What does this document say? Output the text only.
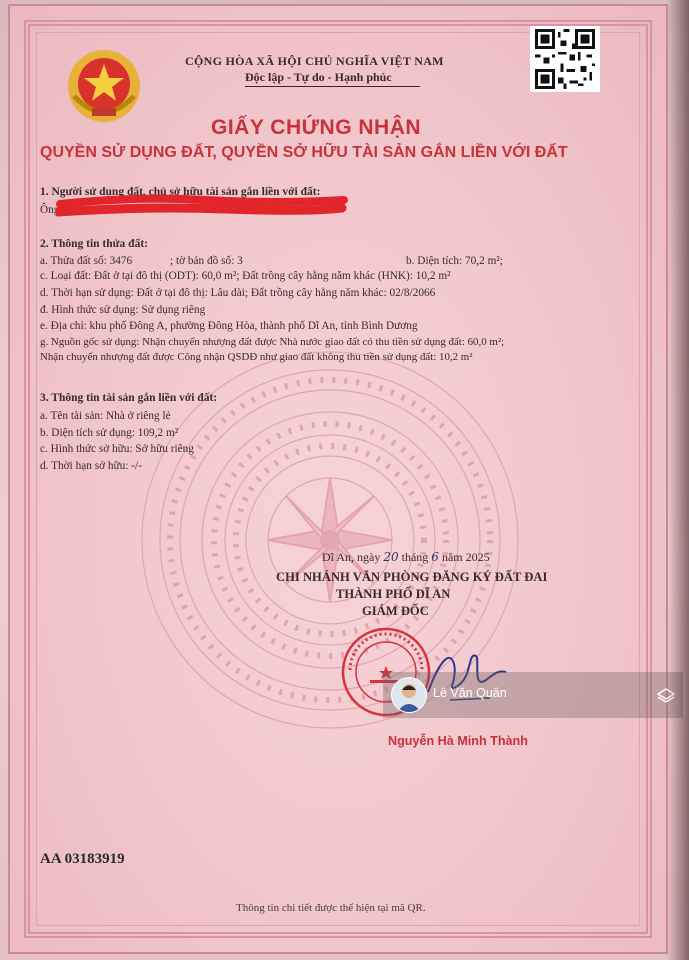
CỘNG HÒA XÃ HỘI CHỦ NGHĨA VIỆT NAM
Độc lập - Tự do - Hạnh phúc
GIẤY CHỨNG NHẬN
QUYỀN SỬ DỤNG ĐẤT, QUYỀN SỞ HỮU TÀI SẢN GẮN LIỀN VỚI ĐẤT
1. Người sử dụng đất, chủ sở hữu tài sản gắn liền với đất:
Ông
2. Thông tin thửa đất:
a. Thửa đất số: 3476	; tờ bản đồ số: 3	b. Diện tích: 70,2 m²;
c. Loại đất: Đất ở tại đô thị (ODT): 60,0 m²; Đất trồng cây hằng năm khác (HNK): 10,2 m²
d. Thời hạn sử dụng: Đất ở tại đô thị: Lâu dài; Đất trồng cây hằng năm khác: 02/8/2066
đ. Hình thức sử dụng: Sử dụng riêng
e. Địa chỉ: khu phố Đông A, phường Đông Hòa, thành phố Dĩ An, tỉnh Bình Dương
g. Nguồn gốc sử dụng: Nhận chuyển nhượng đất được Nhà nước giao đất có thu tiền sử dụng đất: 60,0 m²;
Nhận chuyển nhượng đất được Công nhận QSDĐ như giao đất không thu tiền sử dụng đất: 10,2 m²
3. Thông tin tài sản gắn liền với đất:
a. Tên tài sản: Nhà ở riêng lẻ
b. Diện tích sử dụng: 109,2 m²
c. Hình thức sở hữu: Sở hữu riêng
d. Thời hạn sở hữu: -/-
Dĩ An, ngày 20 tháng 6 năm 2025
CHI NHÁNH VĂN PHÒNG ĐĂNG KÝ ĐẤT ĐAI
THÀNH PHỐ DĨ AN
GIÁM ĐỐC
Nguyễn Hà Minh Thành
AA 03183919
Thông tin chi tiết được thể hiện tại mã QR.
Lê Văn Quân
